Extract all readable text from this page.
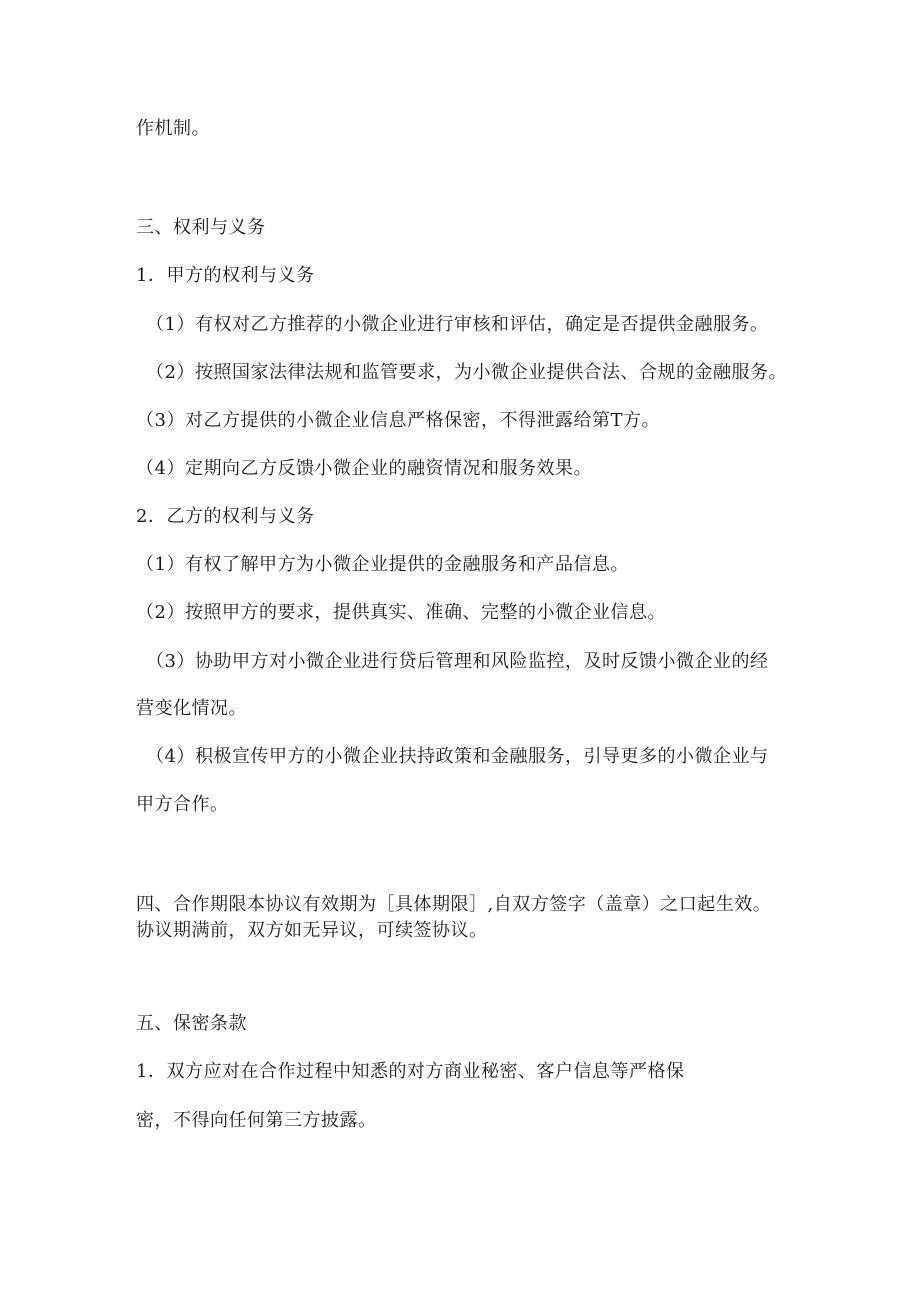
作机制。

三、权利与义务

1．甲方的权利与义务

（1）有权对乙方推荐的小微企业进行审核和评估，确定是否提供金融服务。

（2）按照国家法律法规和监管要求，为小微企业提供合法、合规的金融服务。

（3）对乙方提供的小微企业信息严格保密，不得泄露给第T方。

（4）定期向乙方反馈小微企业的融资情况和服务效果。

2．乙方的权利与义务

（1）有权了解甲方为小微企业提供的金融服务和产品信息。

（2）按照甲方的要求，提供真实、准确、完整的小微企业信息。

（3）协助甲方对小微企业进行贷后管理和风险监控，及时反馈小微企业的经

营变化情况。

（4）积极宣传甲方的小微企业扶持政策和金融服务，引导更多的小微企业与

甲方合作。

四、合作期限本协议有效期为［具体期限］,自双方签字（盖章）之口起生效。

协议期满前，双方如无异议，可续签协议。

五、保密条款

1．双方应对在合作过程中知悉的对方商业秘密、客户信息等严格保

密，不得向任何第三方披露。
